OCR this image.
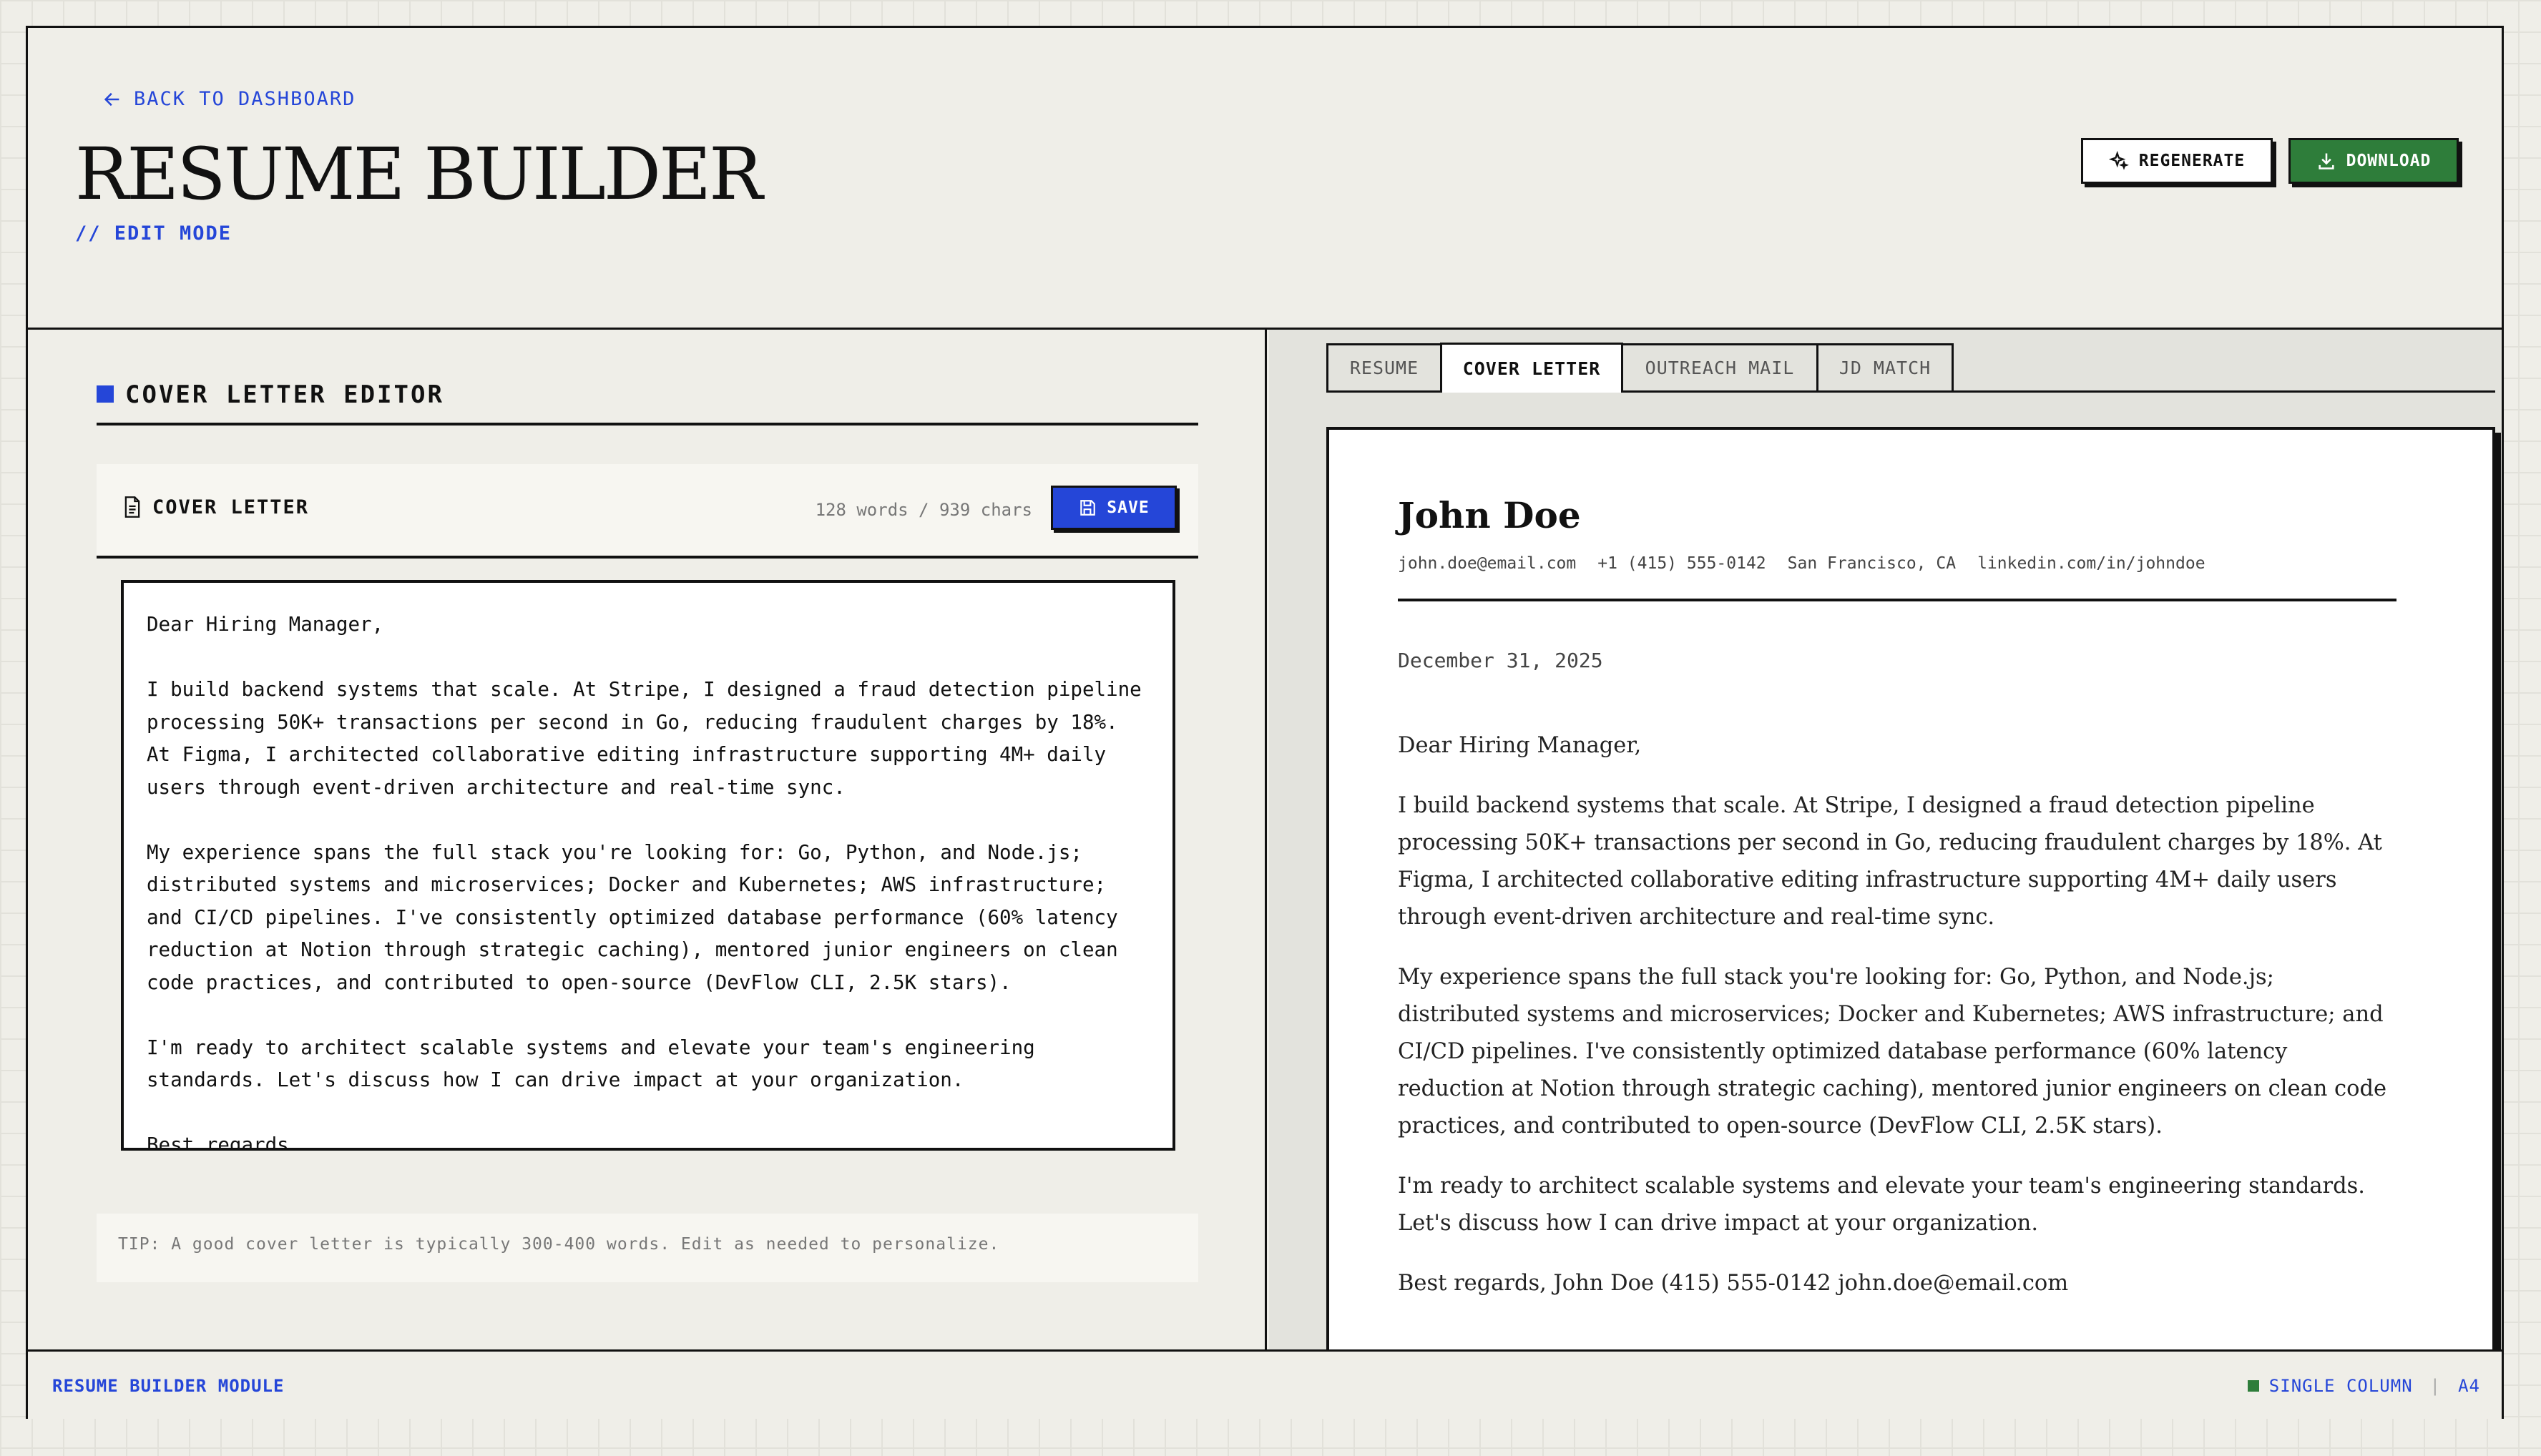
BACK TO DASHBOARD
RESUME BUILDER
// EDIT MODE
REGENERATE	DOWNLOAD
COVER LETTER EDITOR
COVER LETTER	128 words / 939 chars	SAVE
Dear Hiring Manager, I build backend systems that scale. At Stripe, I designed a fraud detection pipeline processing 50K+ transactions per second in Go, reducing fraudulent charges by 18%. At Figma, I architected collaborative editing infrastructure supporting 4M+ daily users through event-driven architecture and real-time sync. My experience spans the full stack you're looking for: Go, Python, and Node.js; distributed systems and microservices; Docker and Kubernetes; AWS infrastructure; and CI/CD pipelines. I've consistently optimized database performance (60% latency reduction at Notion through strategic caching), mentored junior engineers on clean code practices, and contributed to open-source (DevFlow CLI, 2.5K stars). I'm ready to architect scalable systems and elevate your team's engineering standards. Let's discuss how I can drive impact at your organization. Best regards, John Doe (415) 555-0142 john.doe@email.com
TIP: A good cover letter is typically 300-400 words. Edit as needed to personalize.
RESUME	COVER LETTER	OUTREACH MAIL	JD MATCH
John Doe
john.doe@email.com +1 (415) 555-0142 San Francisco, CA linkedin.com/in/johndoe
December 31, 2025

Dear Hiring Manager,

I build backend systems that scale. At Stripe, I designed a fraud detection pipeline processing 50K+ transactions per second in Go, reducing fraudulent charges by 18%. At Figma, I architected collaborative editing infrastructure supporting 4M+ daily users through event-driven architecture and real-time sync.

My experience spans the full stack you're looking for: Go, Python, and Node.js; distributed systems and microservices; Docker and Kubernetes; AWS infrastructure; and CI/CD pipelines. I've consistently optimized database performance (60% latency reduction at Notion through strategic caching), mentored junior engineers on clean code practices, and contributed to open-source (DevFlow CLI, 2.5K stars).

I'm ready to architect scalable systems and elevate your team's engineering standards. Let's discuss how I can drive impact at your organization.

Best regards, John Doe (415) 555-0142 john.doe@email.com

RESUME BUILDER MODULE	SINGLE COLUMN | A4
